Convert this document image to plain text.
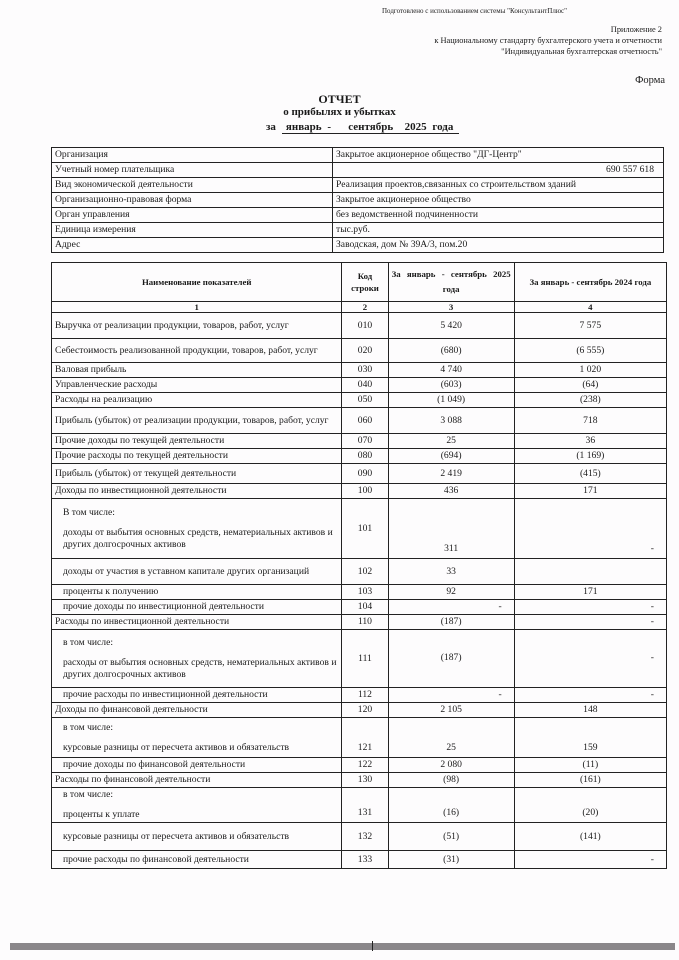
Подготовлено с использованием системы "КонсультантПлюс"
Приложение 2
к Национальному стандарту бухгалтерского учета и отчетности
"Индивидуальная бухгалтерская отчетность"
Форма
ОТЧЕТ
о прибылях и убытках
за январь -   сентябрь  2025 года
Организация	Закрытое акционерное общество "ДГ-Центр"
Учетный номер плательщика	690 557 618
Вид экономической деятельности	Реализация проектов,связанных со строительством зданий
Организационно-правовая форма	Закрытое акционерное общество
Орган управления	без ведомственной подчиненности
Единица измерения	тыс.руб.
Адрес	Заводская, дом № 39А/3, пом.20
Наименование показателей	Код строки	За январь - сентябрь 2025 года	За январь - сентябрь 2024 года
1	2	3	4
Выручка от реализации продукции, товаров, работ, услуг	010	5 420	7 575
Себестоимость реализованной продукции, товаров, работ, услуг	020	(680)	(6 555)
Валовая прибыль	030	4 740	1 020
Управленческие расходы	040	(603)	(64)
Расходы на реализацию	050	(1 049)	(238)
Прибыль (убыток) от реализации продукции, товаров, работ, услуг	060	3 088	718
Прочие доходы по текущей деятельности	070	25	36
Прочие расходы по текущей деятельности	080	(694)	(1 169)
Прибыль (убыток) от текущей деятельности	090	2 419	(415)
Доходы по инвестиционной деятельности	100	436	171

В том числе:
доходы от выбытия основных средств, нематериальных активов и других долгосрочных активов	101	311	-
доходы от участия в уставном капитале других организаций	102	33	
проценты к получению	103	92	171
прочие доходы по инвестиционной деятельности	104	-	-
Расходы по инвестиционной деятельности	110	(187)	-

в том числе:
расходы от выбытия основных средств, нематериальных активов и других долгосрочных активов	111	(187)	-
прочие расходы по инвестиционной деятельности	112	-	-
Доходы по финансовой деятельности	120	2 105	148

в том числе:
курсовые разницы от пересчета активов и обязательств	121	25	159
прочие доходы по финансовой деятельности	122	2 080	(11)
Расходы по финансовой деятельности	130	(98)	(161)

в том числе:
проценты к уплате	131	(16)	(20)
курсовые разницы от пересчета активов и обязательств	132	(51)	(141)
прочие расходы по финансовой деятельности	133	(31)	-
